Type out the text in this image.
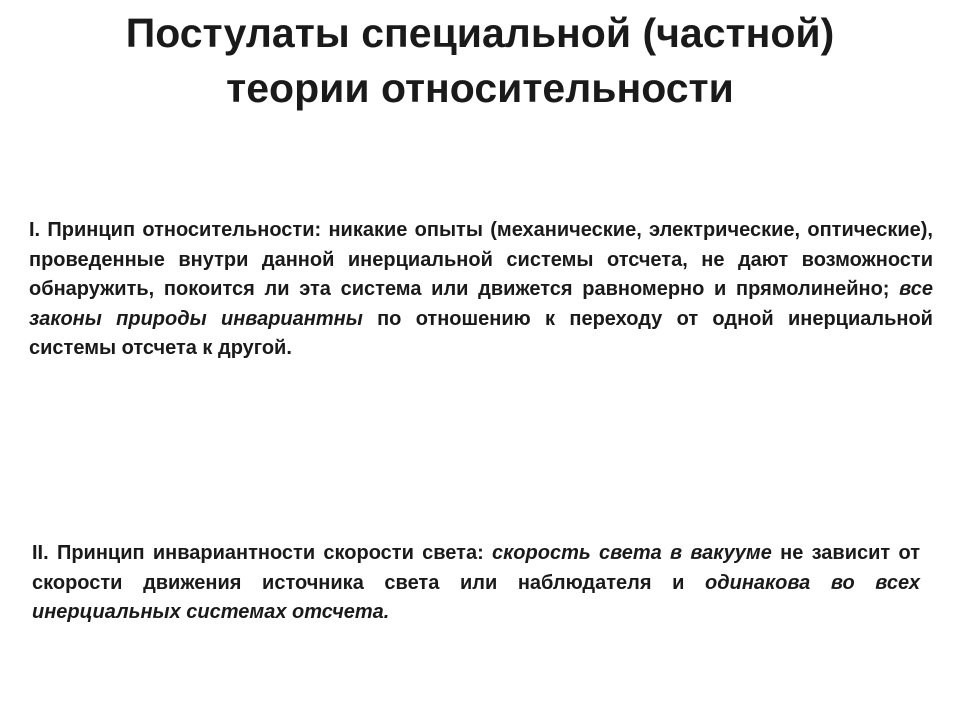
Постулаты специальной (частной)
теории относительности

I. Принцип относительности: никакие опыты (механические, электрические, оптические), проведенные внутри данной инерциальной системы отсчета, не дают возможности обнаружить, покоится ли эта система или движется равномерно и прямолинейно; все законы природы инвариантны по отношению к переходу от одной инерциальной системы отсчета к другой.

II. Принцип инвариантности скорости света: скорость света в вакууме не зависит от скорости движения источника света или наблюдателя и одинакова во всех инерциальных системах отсчета.
